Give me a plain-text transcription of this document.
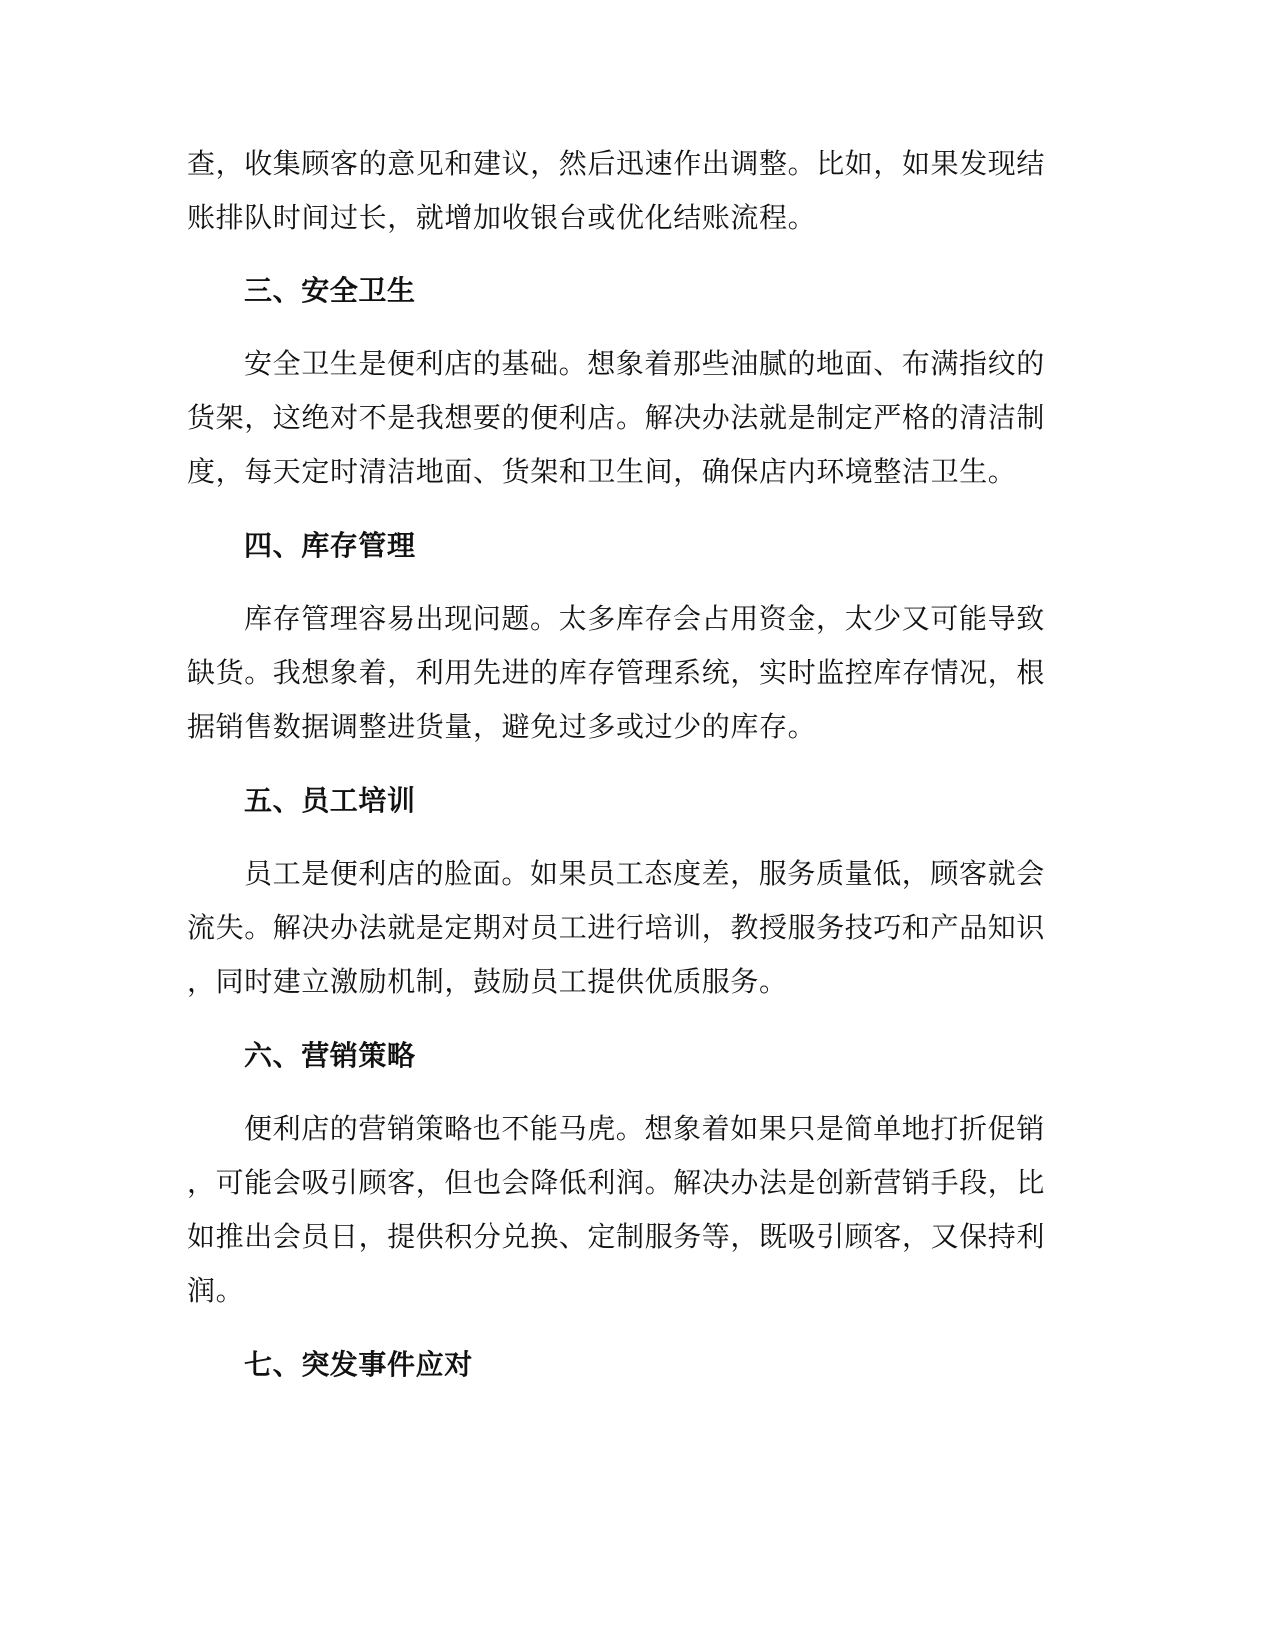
查，收集顾客的意见和建议，然后迅速作出调整。比如，如果发现结

账排队时间过长，就增加收银台或优化结账流程。

三、安全卫生

安全卫生是便利店的基础。想象着那些油腻的地面、布满指纹的

货架，这绝对不是我想要的便利店。解决办法就是制定严格的清洁制

度，每天定时清洁地面、货架和卫生间，确保店内环境整洁卫生。

四、库存管理

库存管理容易出现问题。太多库存会占用资金，太少又可能导致

缺货。我想象着，利用先进的库存管理系统，实时监控库存情况，根

据销售数据调整进货量，避免过多或过少的库存。

五、员工培训

员工是便利店的脸面。如果员工态度差，服务质量低，顾客就会

流失。解决办法就是定期对员工进行培训，教授服务技巧和产品知识

，同时建立激励机制，鼓励员工提供优质服务。

六、营销策略

便利店的营销策略也不能马虎。想象着如果只是简单地打折促销

，可能会吸引顾客，但也会降低利润。解决办法是创新营销手段，比

如推出会员日，提供积分兑换、定制服务等，既吸引顾客，又保持利

润。

七、突发事件应对
